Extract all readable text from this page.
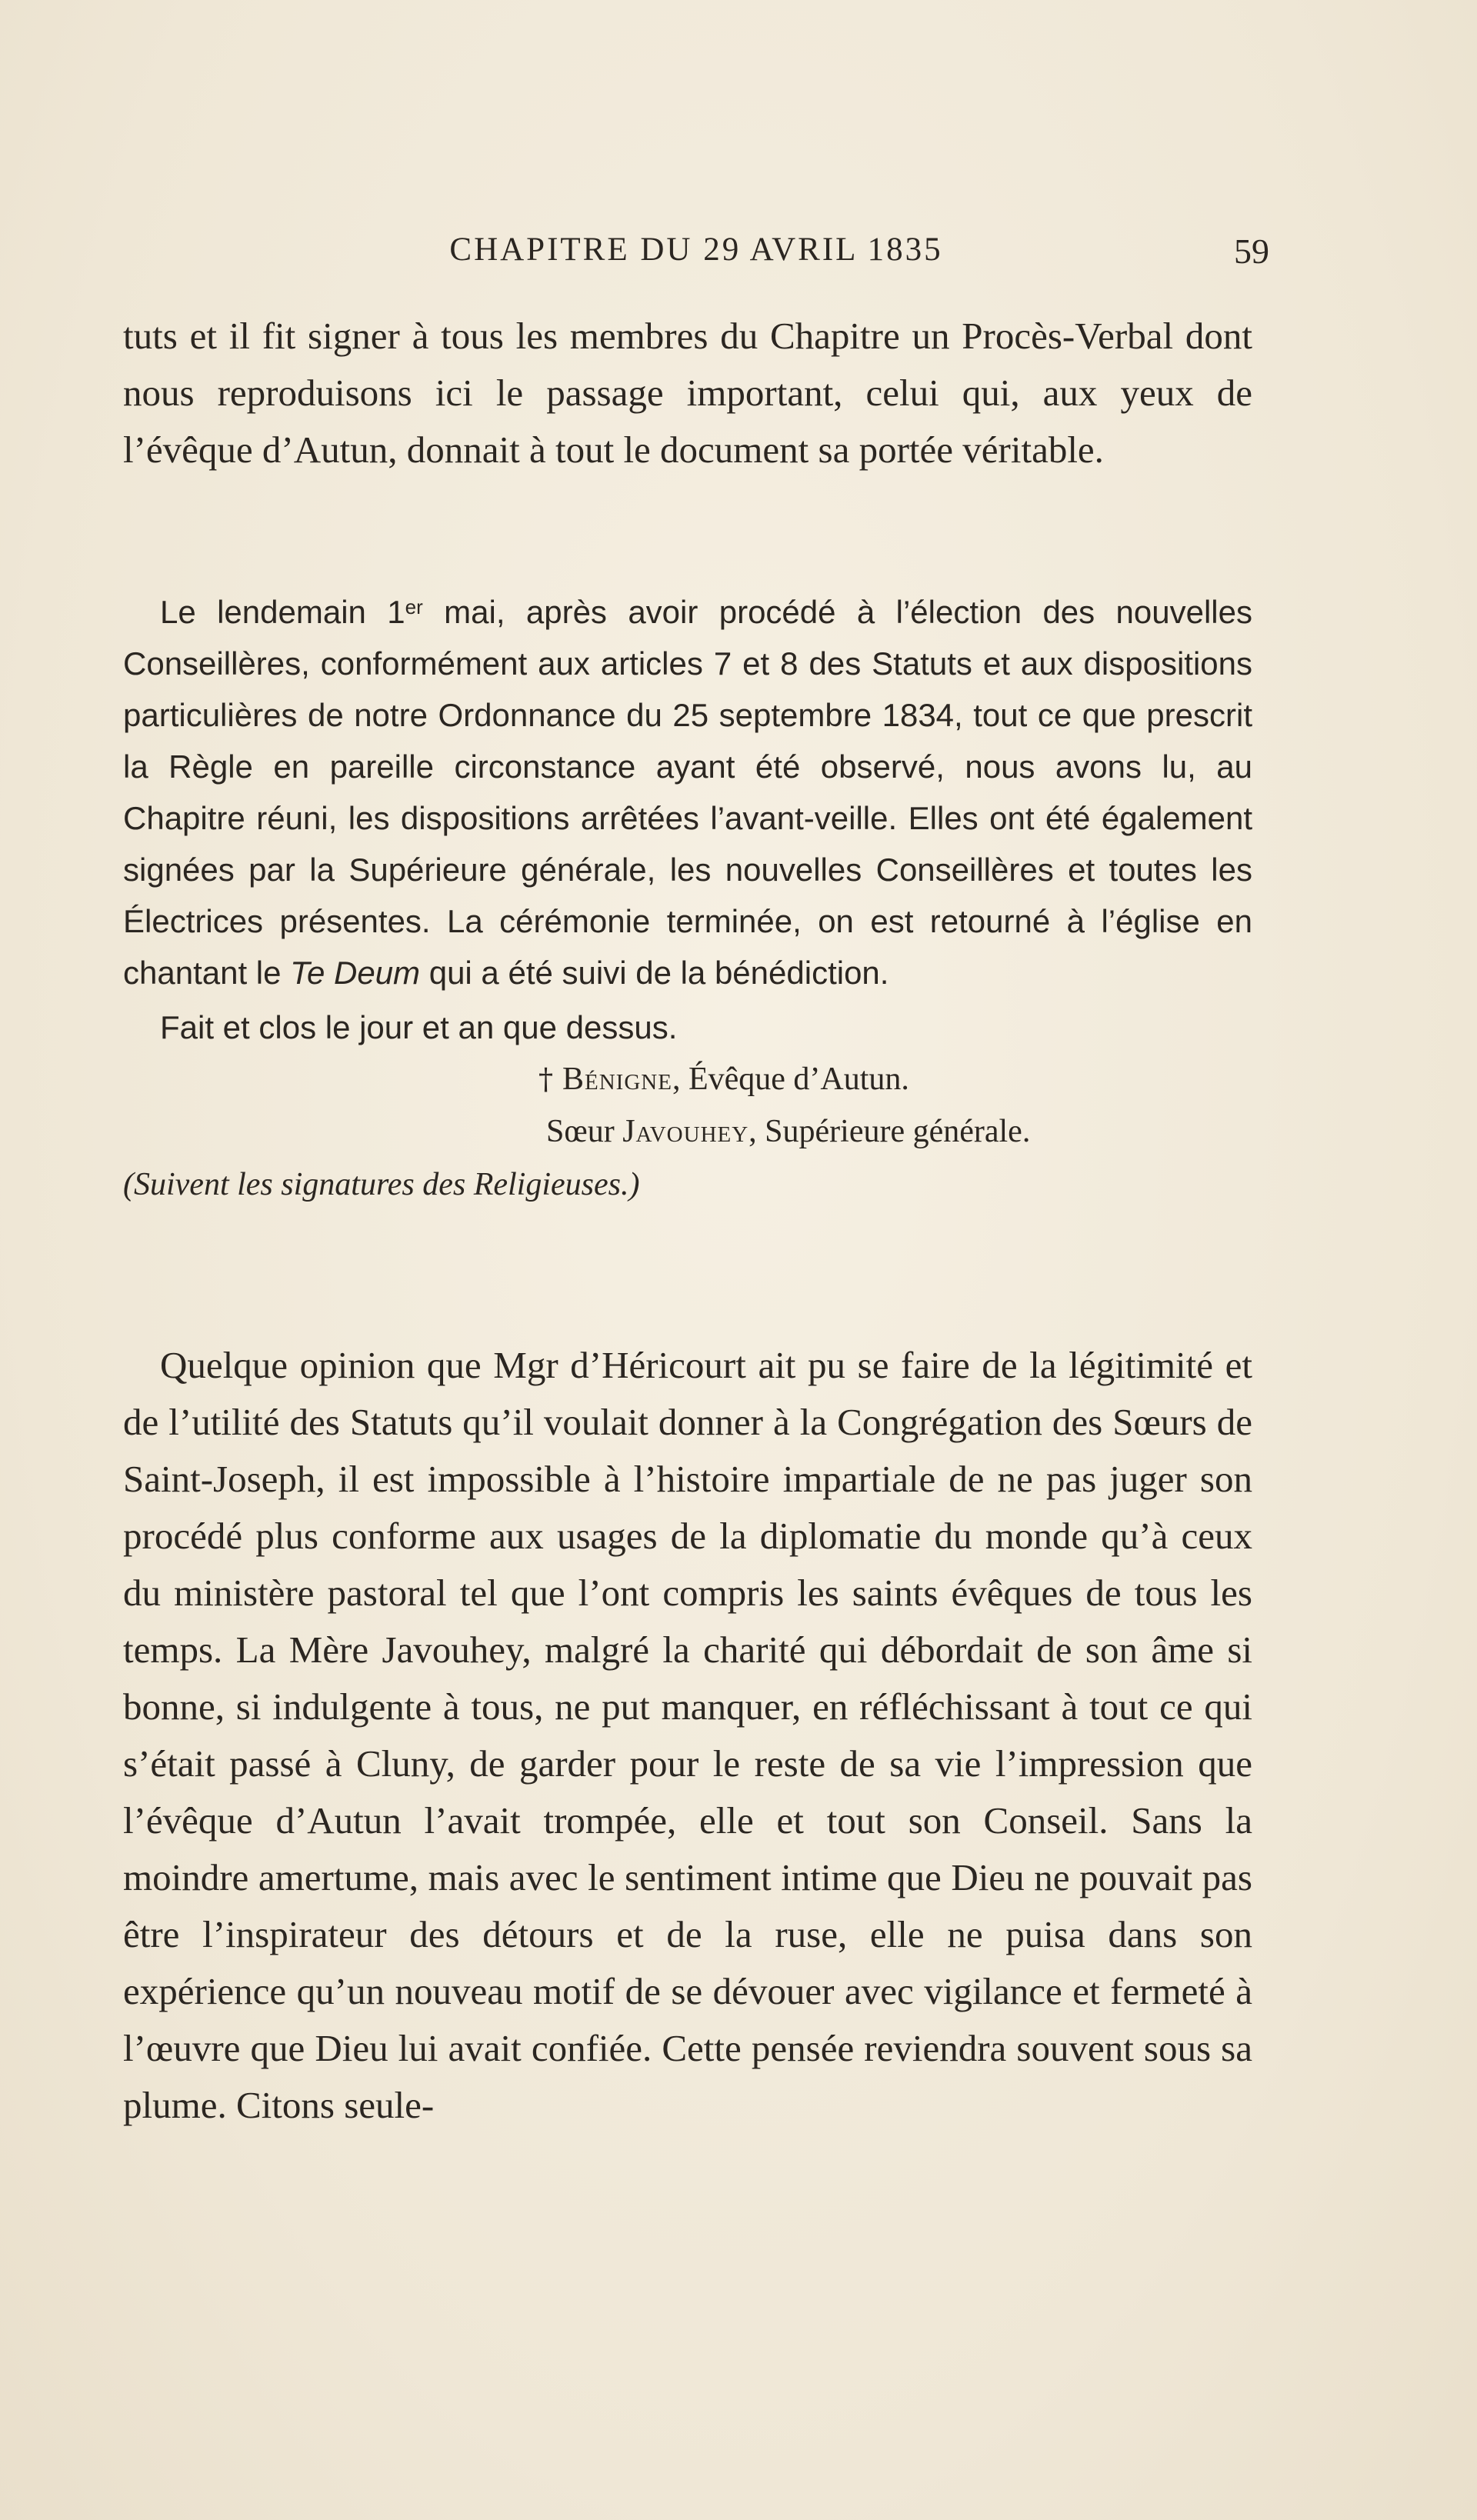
CHAPITRE DU 29 AVRIL 1835	59

tuts et il fit signer à tous les membres du Chapitre un Procès-Verbal dont nous reproduisons ici le passage important, celui qui, aux yeux de l’évêque d’Autun, donnait à tout le document sa portée véritable.

Le lendemain 1er mai, après avoir procédé à l’élection des nouvelles Conseillères, conformément aux articles 7 et 8 des Statuts et aux dispositions particulières de notre Ordonnance du 25 septembre 1834, tout ce que prescrit la Règle en pareille circonstance ayant été observé, nous avons lu, au Chapitre réuni, les dispositions arrêtées l’avant-veille. Elles ont été également signées par la Supérieure générale, les nouvelles Conseillères et toutes les Électrices présentes. La cérémonie terminée, on est retourné à l’église en chantant le Te Deum qui a été suivi de la bénédiction.

Fait et clos le jour et an que dessus.

† Bénigne, Évêque d’Autun.
Sœur Javouhey, Supérieure générale.
(Suivent les signatures des Religieuses.)

Quelque opinion que Mgr d’Héricourt ait pu se faire de la légitimité et de l’utilité des Statuts qu’il voulait donner à la Congrégation des Sœurs de Saint-Joseph, il est impossible à l’histoire impartiale de ne pas juger son procédé plus conforme aux usages de la diplomatie du monde qu’à ceux du ministère pastoral tel que l’ont compris les saints évêques de tous les temps. La Mère Javouhey, malgré la charité qui débordait de son âme si bonne, si indulgente à tous, ne put manquer, en réfléchissant à tout ce qui s’était passé à Cluny, de garder pour le reste de sa vie l’impression que l’évêque d’Autun l’avait trompée, elle et tout son Conseil. Sans la moindre amertume, mais avec le sentiment intime que Dieu ne pouvait pas être l’inspirateur des détours et de la ruse, elle ne puisa dans son expérience qu’un nouveau motif de se dévouer avec vigilance et fermeté à l’œuvre que Dieu lui avait confiée. Cette pensée reviendra souvent sous sa plume. Citons seule-
